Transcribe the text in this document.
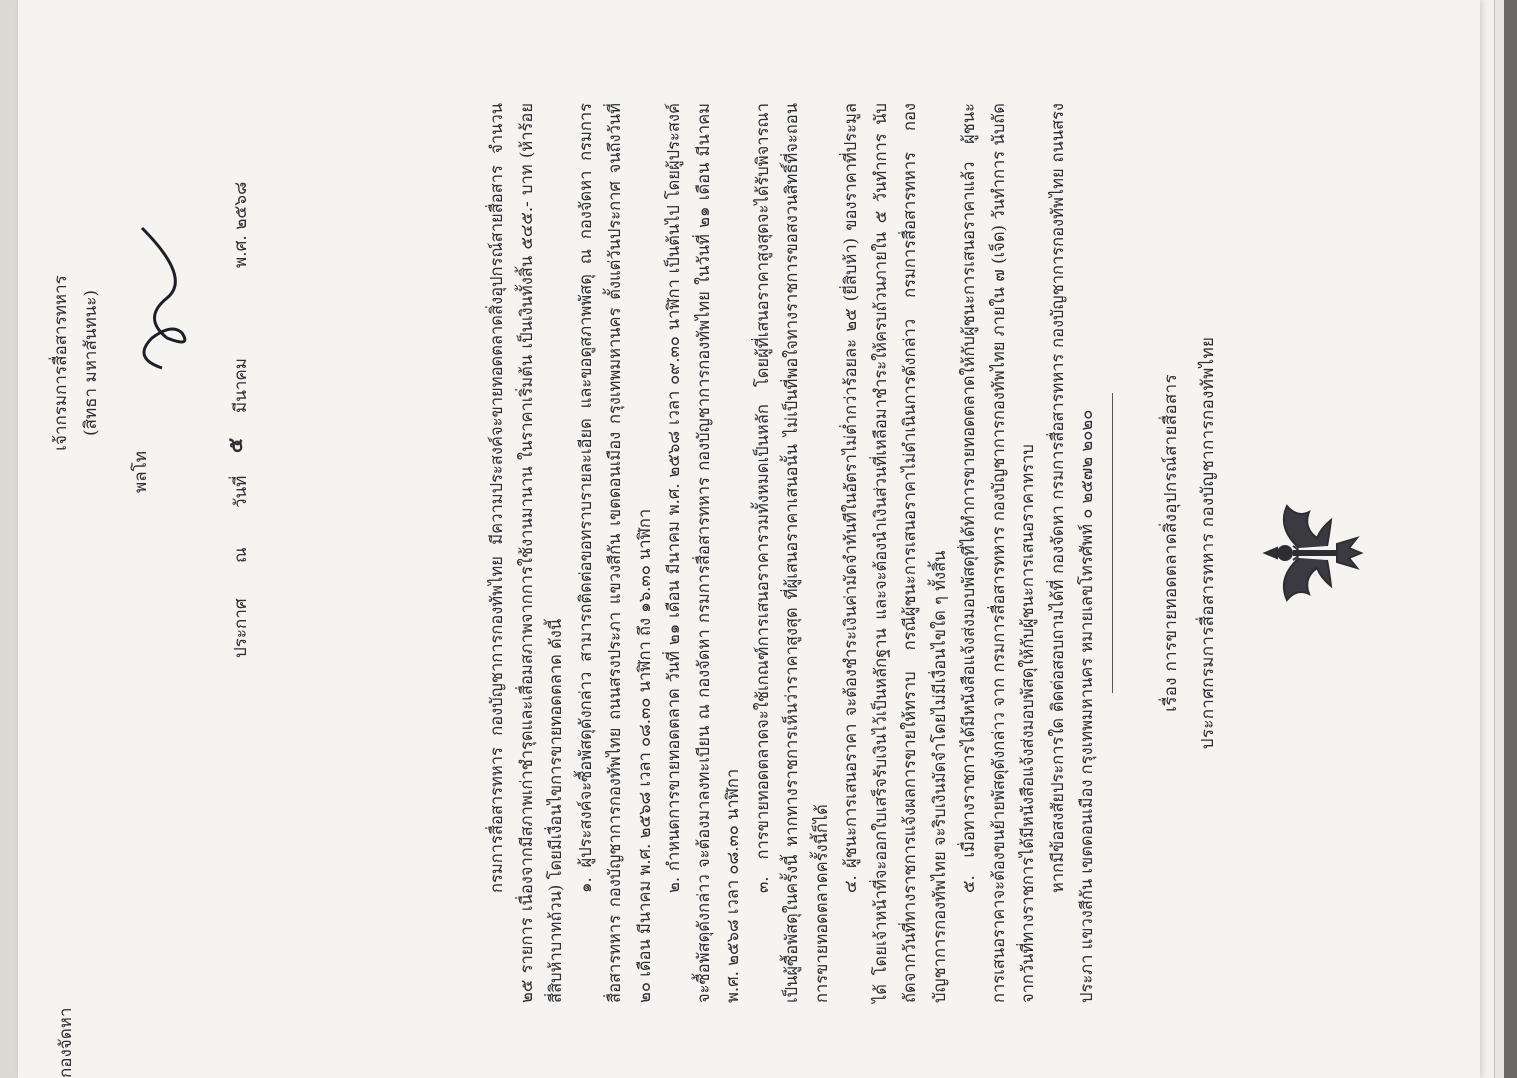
ประกาศกรมการสื่อสารทหาร กองบัญชาการกองทัพไทย
เรื่อง การขายทอดตลาดสิ่งอุปกรณ์สายสื่อสาร

กรมการสื่อสารทหาร กองบัญชาการกองทัพไทย มีความประสงค์จะขายทอดตลาดสิ่งอุปกรณ์สายสื่อสาร จำนวน ๒๕ รายการ เนื่องจากมีสภาพเก่าชำรุดและเสื่อมสภาพจากการใช้งานมานาน ในราคาเริ่มต้น เป็นเงินทั้งสิ้น ๕๔๕.- บาท (ห้าร้อยสี่สิบห้าบาทถ้วน) โดยมีเงื่อนไขการขายทอดตลาด ดังนี้ ๑. ผู้ประสงค์จะซื้อพัสดุดังกล่าว สามารถติดต่อขอทราบรายละเอียด และขอดูสภาพพัสดุ ณ กองจัดหา กรมการสื่อสารทหาร กองบัญชาการกองทัพไทย ถนนสรงประภา แขวงสีกัน เขตดอนเมือง กรุงเทพมหานคร ตั้งแต่วันประกาศ จนถึงวันที่ ๒๐ เดือน มีนาคม พ.ศ. ๒๕๖๘ เวลา ๐๘.๓๐ นาฬิกา ถึง ๑๖.๓๐ นาฬิกา ๒. กำหนดการขายทอดตลาด วันที่ ๒๑ เดือน มีนาคม พ.ศ. ๒๕๖๘ เวลา ๐๙.๓๐ นาฬิกา เป็นต้นไป โดยผู้ประสงค์จะซื้อพัสดุดังกล่าว จะต้องมาลงทะเบียน ณ กองจัดหา กรมการสื่อสารทหาร กองบัญชาการกองทัพไทย ในวันที่ ๒๑ เดือน มีนาคม พ.ศ. ๒๕๖๘ เวลา ๐๘.๓๐ นาฬิกา ๓. การขายทอดตลาดจะใช้เกณฑ์การเสนอราคารวมทั้งหมดเป็นหลัก โดยผู้ที่เสนอราคาสูงสุดจะได้รับพิจารณาเป็นผู้ซื้อพัสดุในครั้งนี้ หากทางราชการเห็นว่าราคาสูงสุด ที่ผู้เสนอราคาเสนอนั้น ไม่เป็นที่พอใจทางราชการขอสงวนสิทธิ์ที่จะถอนการขายทอดตลาดครั้งนี้ก็ได้

๔. ผู้ชนะการเสนอราคา จะต้องชำระเงินค่ามัดจำทันทีในอัตราไม่ต่ำกว่าร้อยละ ๒๕ (ยี่สิบห้า) ของราคาที่ประมูลได้ โดยเจ้าหน้าที่จะออกใบเสร็จรับเงินไว้เป็นหลักฐาน และจะต้องนำเงินส่วนที่เหลือมาชำระให้ครบถ้วนภายใน ๕ วันทำการ นับถัดจากวันที่ทางราชการแจ้งผลการขายให้ทราบ กรณีผู้ชนะการเสนอราคาไม่ดำเนินการดังกล่าว กรมการสื่อสารทหาร กองบัญชาการกองทัพไทย จะริบเงินมัดจำโดยไม่มีเงื่อนไขใด ๆ ทั้งสิ้น ๕. เมื่อทางราชการได้มีหนังสือแจ้งส่งมอบพัสดุที่ได้ทำการขายทอดตลาดให้กับผู้ชนะการเสนอราคาแล้ว ผู้ชนะการเสนอราคาจะต้องขนย้ายพัสดุดังกล่าว จาก กรมการสื่อสารทหาร กองบัญชาการกองทัพไทย ภายใน ๗ (เจ็ด) วันทำการ นับถัดจากวันที่ทางราชการได้มีหนังสือแจ้งส่งมอบพัสดุให้กับผู้ชนะการเสนอราคาทราบ หากมีข้อสงสัยประการใด ติดต่อสอบถามได้ที่ กองจัดหา กรมการสื่อสารทหาร กองบัญชาการกองทัพไทย ถนนสรงประภา แขวงสีกัน เขตดอนเมือง กรุงเทพมหานคร หมายเลขโทรศัพท์ ๐ ๒๕๗๒ ๒๐๒๐

ประกาศ
ณ
วันที่
๕
มีนาคม
พ.ศ. ๒๕๖๘
พลโท
(สิทธา มหาสันทนะ)
เจ้ากรมการสื่อสารทหาร
กองจัดหา
